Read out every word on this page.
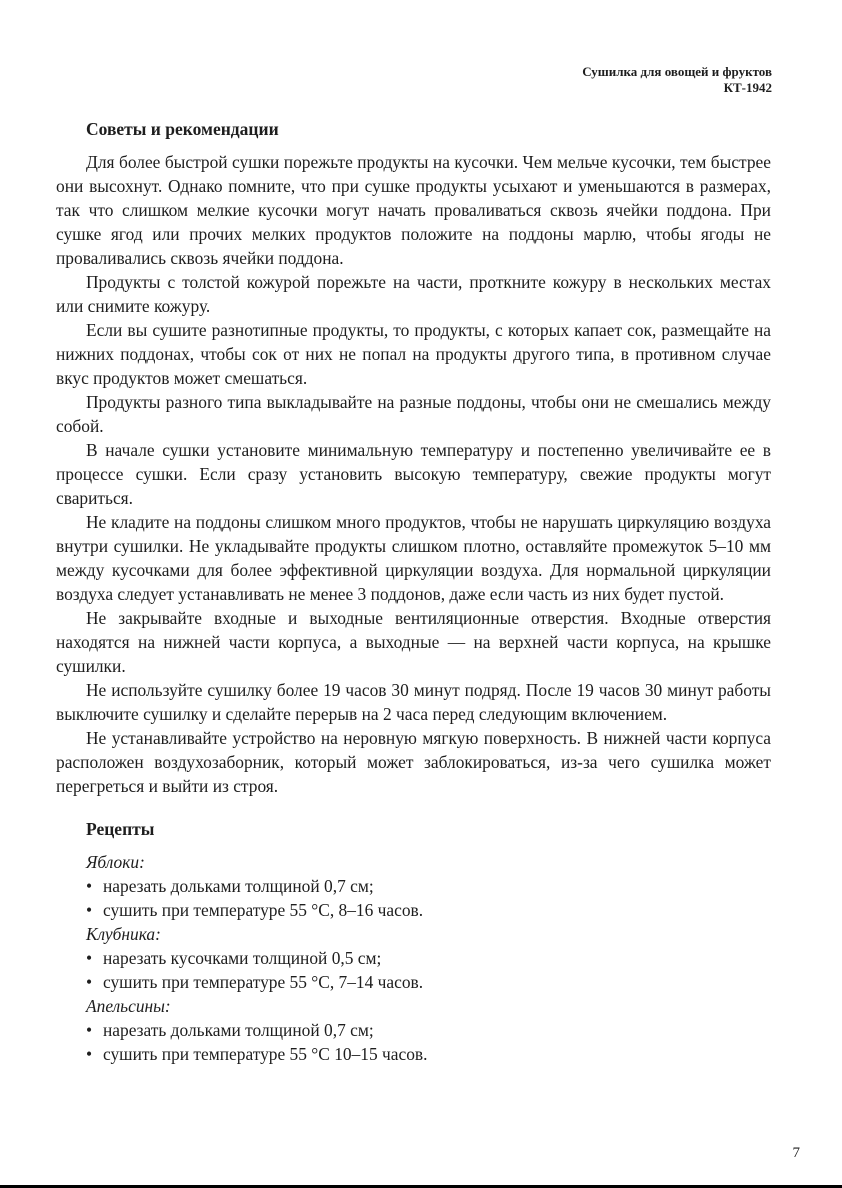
Сушилка для овощей и фруктов
КТ-1942
Советы и рекомендации

Для более быстрой сушки порежьте продукты на кусочки. Чем мельче кусочки, тем быстрее они высохнут. Однако помните, что при сушке продукты усыхают и уменьшаются в размерах, так что слишком мелкие кусочки могут начать проваливаться сквозь ячейки поддона. При сушке ягод или прочих мелких продуктов положите на поддоны марлю, чтобы ягоды не проваливались сквозь ячейки поддона.

Продукты с толстой кожурой порежьте на части, проткните кожуру в нескольких местах или снимите кожуру.

Если вы сушите разнотипные продукты, то продукты, с которых капает сок, размещайте на нижних поддонах, чтобы сок от них не попал на продукты другого типа, в противном случае вкус продуктов может смешаться.

Продукты разного типа выкладывайте на разные поддоны, чтобы они не смешались между собой.

В начале сушки установите минимальную температуру и постепенно увеличивайте ее в процессе сушки. Если сразу установить высокую температуру, свежие продукты могут свариться.

Не кладите на поддоны слишком много продуктов, чтобы не нарушать циркуляцию воздуха внутри сушилки. Не укладывайте продукты слишком плотно, оставляйте промежуток 5–10 мм между кусочками для более эффективной циркуляции воздуха. Для нормальной циркуляции воздуха следует устанавливать не менее 3 поддонов, даже если часть из них будет пустой.

Не закрывайте входные и выходные вентиляционные отверстия. Входные отверстия находятся на нижней части корпуса, а выходные — на верхней части корпуса, на крышке сушилки.

Не используйте сушилку более 19 часов 30 минут подряд. После 19 часов 30 минут работы выключите сушилку и сделайте перерыв на 2 часа перед следующим включением.

Не устанавливайте устройство на неровную мягкую поверхность. В нижней части корпуса расположен воздухозаборник, который может заблокироваться, из-за чего сушилка может перегреться и выйти из строя.

Рецепты
Яблоки:
• нарезать дольками толщиной 0,7 см;
• сушить при температуре 55 °C, 8–16 часов.
Клубника:
• нарезать кусочками толщиной 0,5 см;
• сушить при температуре 55 °C, 7–14 часов.
Апельсины:
• нарезать дольками толщиной 0,7 см;
• сушить при температуре 55 °C 10–15 часов.
7
